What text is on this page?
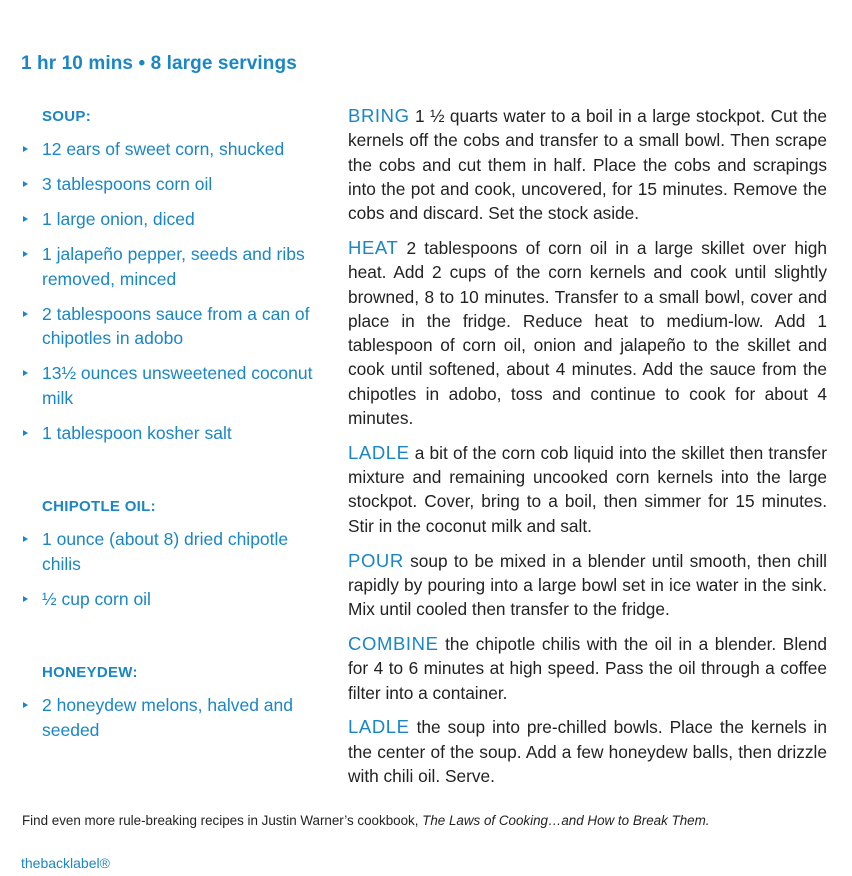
1 hr 10 mins • 8 large servings

SOUP:
12 ears of sweet corn, shucked
3 tablespoons corn oil
1 large onion, diced
1 jalapeño pepper, seeds and ribs removed, minced
2 tablespoons sauce from a can of chipotles in adobo
13½ ounces unsweetened coconut milk
1 tablespoon kosher salt
CHIPOTLE OIL:
1 ounce (about 8) dried chipotle chilis
½ cup corn oil
HONEYDEW:
2 honeydew melons, halved and seeded

BRING 1 ½ quarts water to a boil in a large stockpot. Cut the kernels off the cobs and transfer to a small bowl. Then scrape the cobs and cut them in half. Place the cobs and scrapings into the pot and cook, uncovered, for 15 minutes. Remove the cobs and discard. Set the stock aside.

HEAT 2 tablespoons of corn oil in a large skillet over high heat. Add 2 cups of the corn kernels and cook until slightly browned, 8 to 10 minutes. Transfer to a small bowl, cover and place in the fridge. Reduce heat to medium-low. Add 1 tablespoon of corn oil, onion and jalapeño to the skillet and cook until softened, about 4 minutes. Add the sauce from the chipotles in adobo, toss and continue to cook for about 4 minutes.

LADLE a bit of the corn cob liquid into the skillet then transfer mixture and remaining uncooked corn kernels into the large stockpot. Cover, bring to a boil, then simmer for 15 minutes. Stir in the coconut milk and salt.

POUR soup to be mixed in a blender until smooth, then chill rapidly by pouring into a large bowl set in ice water in the sink. Mix until cooled then transfer to the fridge.

COMBINE the chipotle chilis with the oil in a blender. Blend for 4 to 6 minutes at high speed. Pass the oil through a coffee filter into a container.

LADLE the soup into pre-chilled bowls. Place the kernels in the center of the soup. Add a few honeydew balls, then drizzle with chili oil. Serve.

Find even more rule-breaking recipes in Justin Warner’s cookbook, The Laws of Cooking…and How to Break Them.

thebacklabel®
